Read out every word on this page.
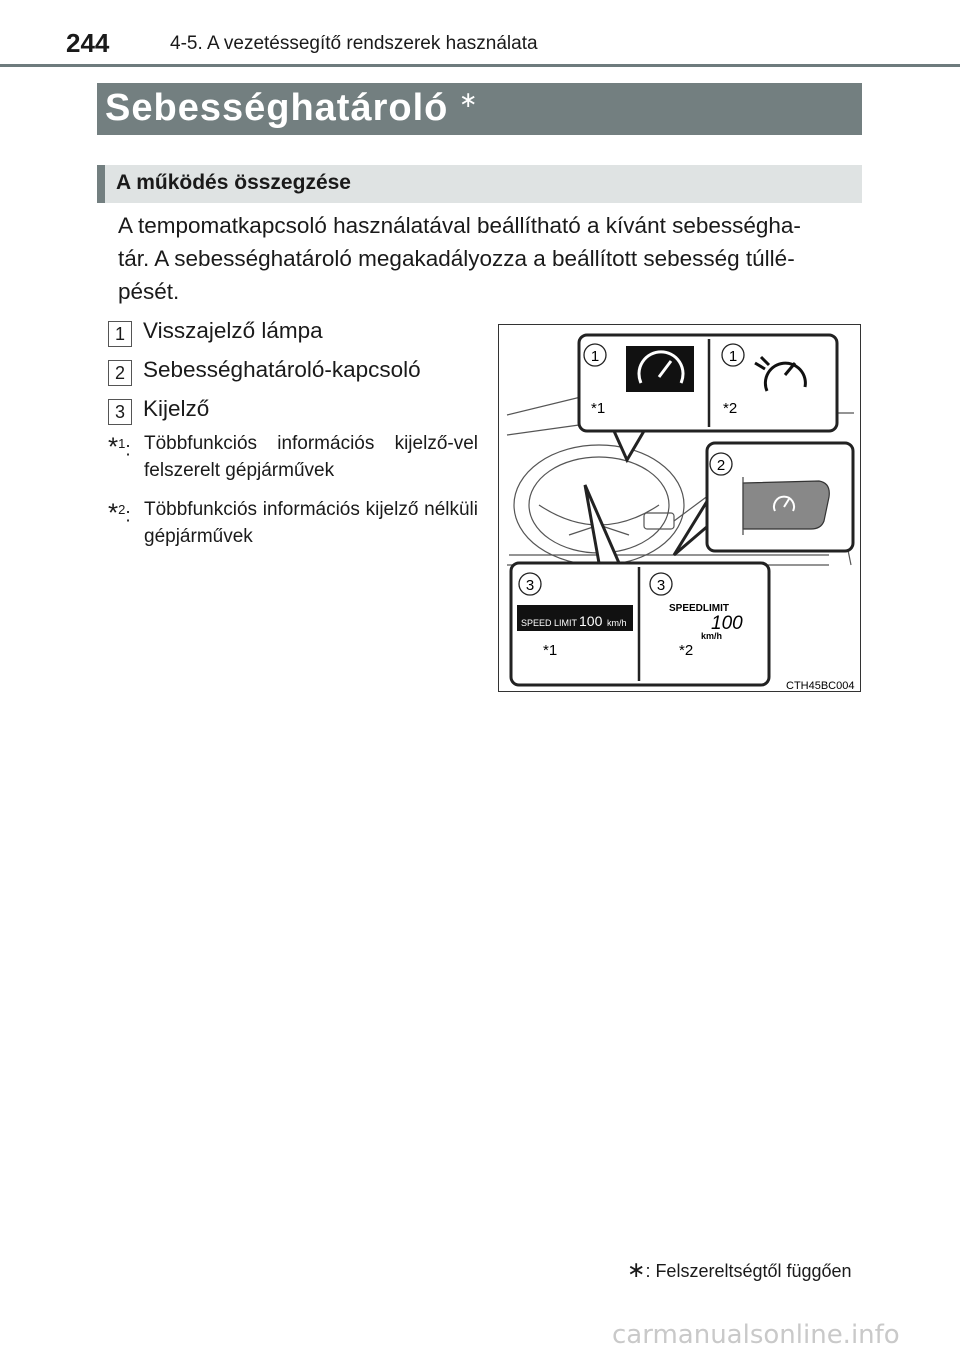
244	4-5. A vezetéssegítő rendszerek használata
Sebességhatároló ∗
A működés összegzése
A tempomatkapcsoló használatával beállítható a kívánt sebességha-
tár. A sebességhatároló megakadályozza a beállított sebesség túllé-
pését.
1 Visszajelző lámpa
2 Sebességhatároló-kapcsoló
3 Kijelző
*$^1$: Többfunkciós információs kijelző-vel felszerelt gépjárművek
*$^2$: Többfunkciós információs kijelző nélküli gépjárművek
1	1
*1	*2
2
3	3
SPEED LIMIT 100 km/h
SPEEDLIMIT
100
km/h
*1	*2
CTH45BC004
∗: Felszereltségtől függően
carmanualsonline.info
